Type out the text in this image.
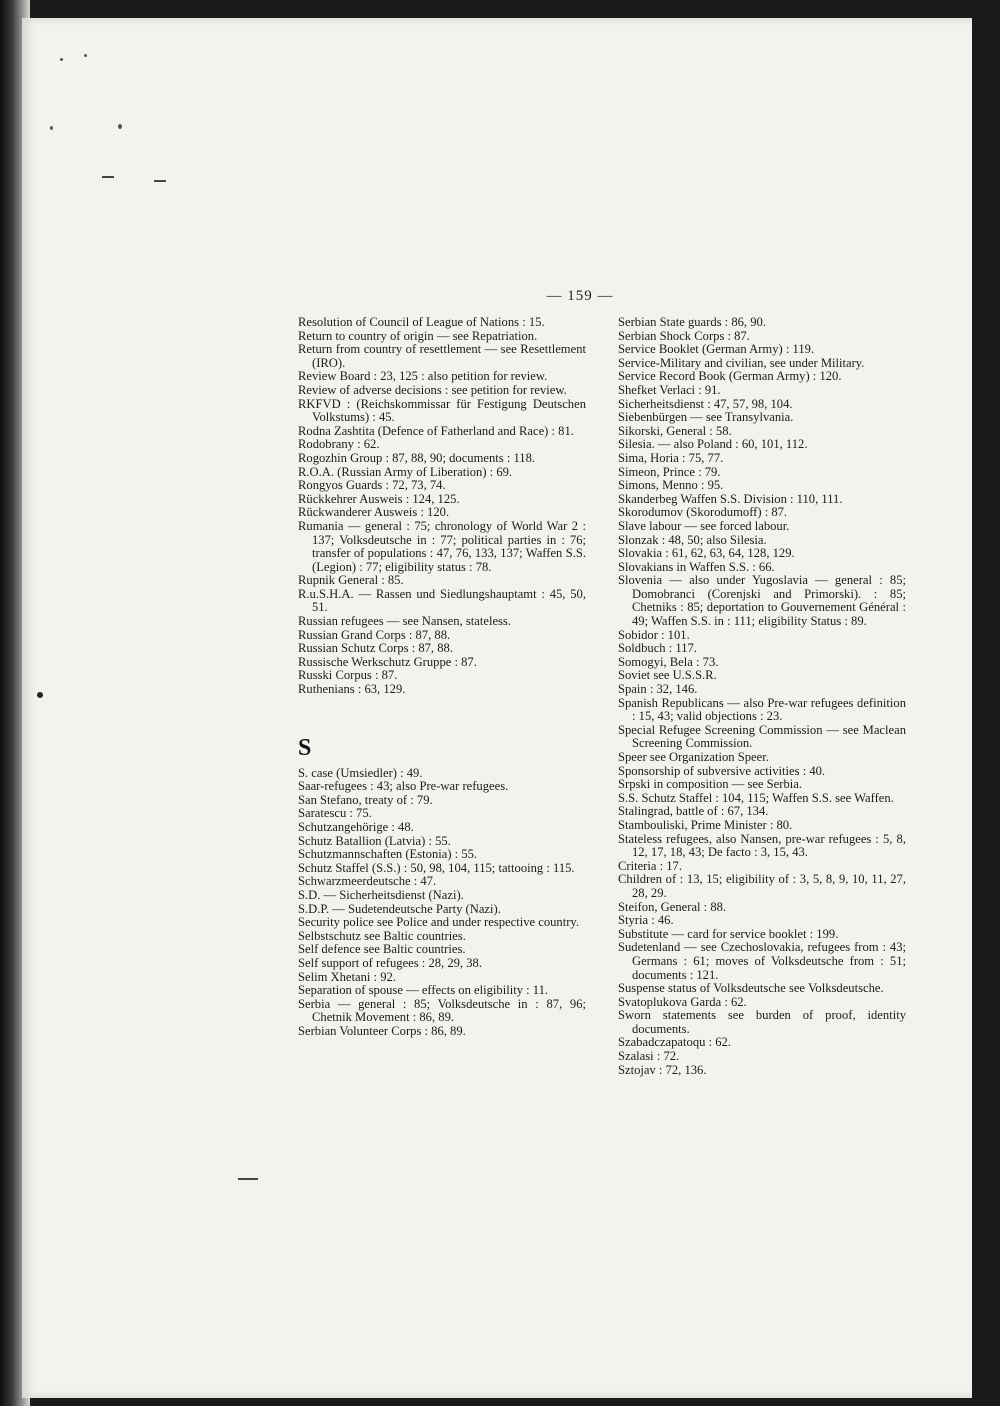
— 159 —
Resolution of Council of League of Nations : 15.
Return to country of origin — see Repatriation.
Return from country of resettlement — see Resettlement (IRO).
Review Board : 23, 125 : also petition for review.
Review of adverse decisions : see petition for review.
RKFVD : (Reichskommissar für Festigung Deutschen Volkstums) : 45.
Rodna Zashtita (Defence of Fatherland and Race) : 81.
Rodobrany : 62.
Rogozhin Group : 87, 88, 90; documents : 118.
R.O.A. (Russian Army of Liberation) : 69.
Rongyos Guards : 72, 73, 74.
Rückkehrer Ausweis : 124, 125.
Rückwanderer Ausweis : 120.
Rumania — general : 75; chronology of World War 2 : 137; Volksdeutsche in : 77; political parties in : 76; transfer of populations : 47, 76, 133, 137; Waffen S.S. (Legion) : 77; eligibility status : 78.
Rupnik General : 85.
R.u.S.H.A. — Rassen und Siedlungshauptamt : 45, 50, 51.
Russian refugees — see Nansen, stateless.
Russian Grand Corps : 87, 88.
Russian Schutz Corps : 87, 88.
Russische Werkschutz Gruppe : 87.
Russki Corpus : 87.
Ruthenians : 63, 129.
S
S. case (Umsiedler) : 49.
Saar-refugees : 43; also Pre-war refugees.
San Stefano, treaty of : 79.
Saratescu : 75.
Schutzangehörige : 48.
Schutz Batallion (Latvia) : 55.
Schutzmannschaften (Estonia) : 55.
Schutz Staffel (S.S.) : 50, 98, 104, 115; tattooing : 115.
Schwarzmeerdeutsche : 47.
S.D. — Sicherheitsdienst (Nazi).
S.D.P. — Sudetendeutsche Party (Nazi).
Security police see Police and under respective country.
Selbstschutz see Baltic countries.
Self defence see Baltic countries.
Self support of refugees : 28, 29, 38.
Selim Xhetani : 92.
Separation of spouse — effects on eligibility : 11.
Serbia — general : 85; Volksdeutsche in : 87, 96; Chetnik Movement : 86, 89.
Serbian Volunteer Corps : 86, 89.
Serbian State guards : 86, 90.
Serbian Shock Corps : 87.
Service Booklet (German Army) : 119.
Service-Military and civilian, see under Military.
Service Record Book (German Army) : 120.
Shefket Verlaci : 91.
Sicherheitsdienst : 47, 57, 98, 104.
Siebenbürgen — see Transylvania.
Sikorski, General : 58.
Silesia. — also Poland : 60, 101, 112.
Sima, Horia : 75, 77.
Simeon, Prince : 79.
Simons, Menno : 95.
Skanderbeg Waffen S.S. Division : 110, 111.
Skorodumov (Skorodumoff) : 87.
Slave labour — see forced labour.
Slonzak : 48, 50; also Silesia.
Slovakia : 61, 62, 63, 64, 128, 129.
Slovakians in Waffen S.S. : 66.
Slovenia — also under Yugoslavia — general : 85; Domobranci (Corenjski and Primorski). : 85; Chetniks : 85; deportation to Gouvernement Général : 49; Waffen S.S. in : 111; eligibility Status : 89.
Sobidor : 101.
Soldbuch : 117.
Somogyi, Bela : 73.
Soviet see U.S.S.R.
Spain : 32, 146.
Spanish Republicans — also Pre-war refugees definition : 15, 43; valid objections : 23.
Special Refugee Screening Commission — see Maclean Screening Commission.
Speer see Organization Speer.
Sponsorship of subversive activities : 40.
Srpski in composition — see Serbia.
S.S. Schutz Staffel : 104, 115; Waffen S.S. see Waffen.
Stalingrad, battle of : 67, 134.
Stambouliski, Prime Minister : 80.
Stateless refugees, also Nansen, pre-war refugees : 5, 8, 12, 17, 18, 43; De facto : 3, 15, 43.
Criteria : 17.
Children of : 13, 15; eligibility of : 3, 5, 8, 9, 10, 11, 27, 28, 29.
Steifon, General : 88.
Styria : 46.
Substitute — card for service booklet : 199.
Sudetenland — see Czechoslovakia, refugees from : 43; Germans : 61; moves of Volksdeutsche from : 51; documents : 121.
Suspense status of Volksdeutsche see Volksdeutsche.
Svatoplukova Garda : 62.
Sworn statements see burden of proof, identity documents.
Szabadczapatoqu : 62.
Szalasi : 72.
Sztojav : 72, 136.
